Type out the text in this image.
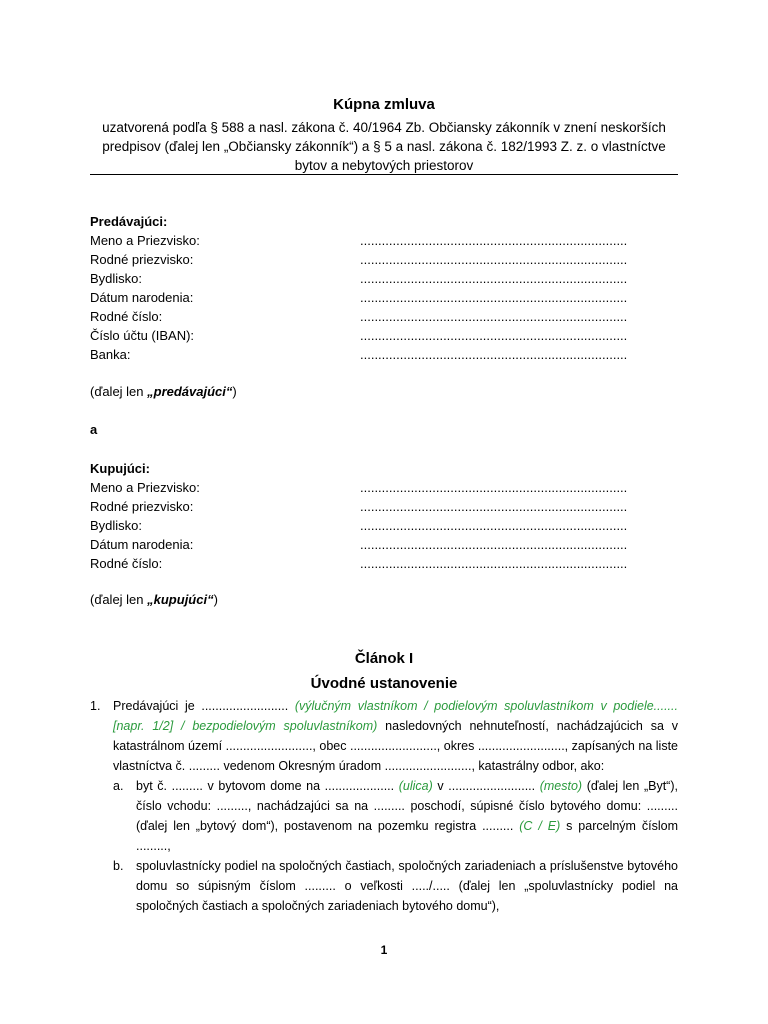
Kúpna zmluva
uzatvorená podľa § 588 a nasl. zákona č. 40/1964 Zb. Občiansky zákonník v znení neskorších predpisov (ďalej len „Občiansky zákonník“) a § 5 a nasl. zákona č. 182/1993 Z. z. o vlastníctve bytov a nebytových priestorov
Predávajúci:
Meno a Priezvisko:	..........................................................................
Rodné priezvisko:	..........................................................................
Bydlisko:	..........................................................................
Dátum narodenia:	..........................................................................
Rodné číslo:	..........................................................................
Číslo účtu (IBAN):	..........................................................................
Banka:	..........................................................................
(ďalej len „predávajúci“)
a
Kupujúci:
Meno a Priezvisko:	..........................................................................
Rodné priezvisko:	..........................................................................
Bydlisko:	..........................................................................
Dátum narodenia:	..........................................................................
Rodné číslo:	..........................................................................
(ďalej len „kupujúci“)
Článok I
Úvodné ustanovenie
1. Predávajúci je ......................... (výlučným vlastníkom / podielovým spoluvlastníkom v podiele....... [napr. 1/2] / bezpodielovým spoluvlastníkom) nasledovných nehnuteľností, nachádzajúcich sa v katastrálnom území ........................., obec ........................., okres ........................., zapísaných na liste vlastníctva č. ......... vedenom Okresným úradom ........................., katastrálny odbor, ako:
a. byt č. ......... v bytovom dome na .................... (ulica) v ......................... (mesto) (ďalej len „Byt“), číslo vchodu: ........., nachádzajúci sa na ......... poschodí, súpisné číslo bytového domu: ......... (ďalej len „bytový dom“), postavenom na pozemku registra ......... (C / E) s parcelným číslom .........,
b. spoluvlastnícky podiel na spoločných častiach, spoločných zariadeniach a príslušenstve bytového domu so súpisným číslom ......... o veľkosti ...../..... (ďalej len „spoluvlastnícky podiel na spoločných častiach a spoločných zariadeniach bytového domu“),
1
